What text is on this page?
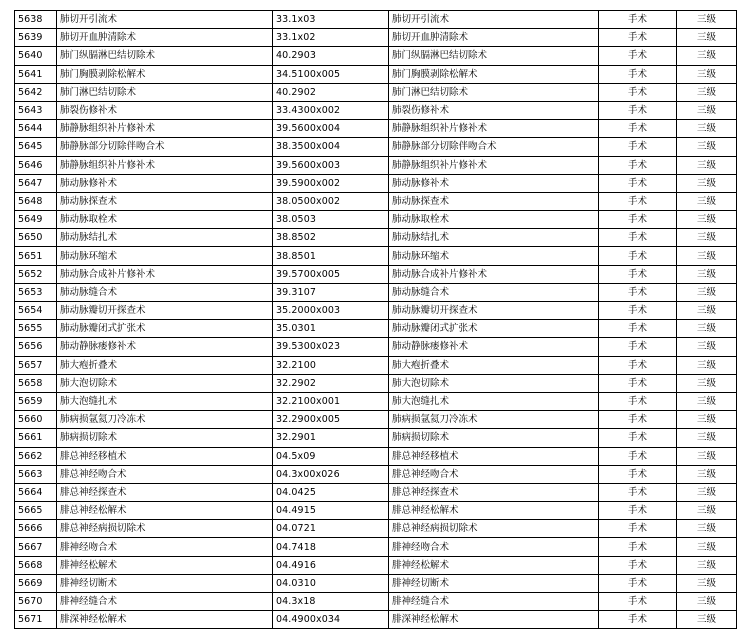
5638	肺切开引流术	33.1x03	肺切开引流术	手术	三级
5639	肺切开血肿清除术	33.1x02	肺切开血肿清除术	手术	三级
5640	肺门纵膈淋巴结切除术	40.2903	肺门纵膈淋巴结切除术	手术	三级
5641	肺门胸膜剥除松解术	34.5100x005	肺门胸膜剥除松解术	手术	三级
5642	肺门淋巴结切除术	40.2902	肺门淋巴结切除术	手术	三级
5643	肺裂伤修补术	33.4300x002	肺裂伤修补术	手术	三级
5644	肺静脉组织补片修补术	39.5600x004	肺静脉组织补片修补术	手术	三级
5645	肺静脉部分切除伴吻合术	38.3500x004	肺静脉部分切除伴吻合术	手术	三级
5646	肺静脉组织补片修补术	39.5600x003	肺静脉组织补片修补术	手术	三级
5647	肺动脉修补术	39.5900x002	肺动脉修补术	手术	三级
5648	肺动脉探查术	38.0500x002	肺动脉探查术	手术	三级
5649	肺动脉取栓术	38.0503	肺动脉取栓术	手术	三级
5650	肺动脉结扎术	38.8502	肺动脉结扎术	手术	三级
5651	肺动脉环缩术	38.8501	肺动脉环缩术	手术	三级
5652	肺动脉合成补片修补术	39.5700x005	肺动脉合成补片修补术	手术	三级
5653	肺动脉缝合术	39.3107	肺动脉缝合术	手术	三级
5654	肺动脉瓣切开探查术	35.2000x003	肺动脉瓣切开探查术	手术	三级
5655	肺动脉瓣闭式扩张术	35.0301	肺动脉瓣闭式扩张术	手术	三级
5656	肺动静脉瘘修补术	39.5300x023	肺动静脉瘘修补术	手术	三级
5657	肺大疱折叠术	32.2100	肺大疱折叠术	手术	三级
5658	肺大泡切除术	32.2902	肺大泡切除术	手术	三级
5659	肺大泡缝扎术	32.2100x001	肺大泡缝扎术	手术	三级
5660	肺病损氩氦刀冷冻术	32.2900x005	肺病损氩氦刀冷冻术	手术	三级
5661	肺病损切除术	32.2901	肺病损切除术	手术	三级
5662	腓总神经移植术	04.5x09	腓总神经移植术	手术	三级
5663	腓总神经吻合术	04.3x00x026	腓总神经吻合术	手术	三级
5664	腓总神经探查术	04.0425	腓总神经探查术	手术	三级
5665	腓总神经松解术	04.4915	腓总神经松解术	手术	三级
5666	腓总神经病损切除术	04.0721	腓总神经病损切除术	手术	三级
5667	腓神经吻合术	04.7418	腓神经吻合术	手术	三级
5668	腓神经松解术	04.4916	腓神经松解术	手术	三级
5669	腓神经切断术	04.0310	腓神经切断术	手术	三级
5670	腓神经缝合术	04.3x18	腓神经缝合术	手术	三级
5671	腓深神经松解术	04.4900x034	腓深神经松解术	手术	三级
